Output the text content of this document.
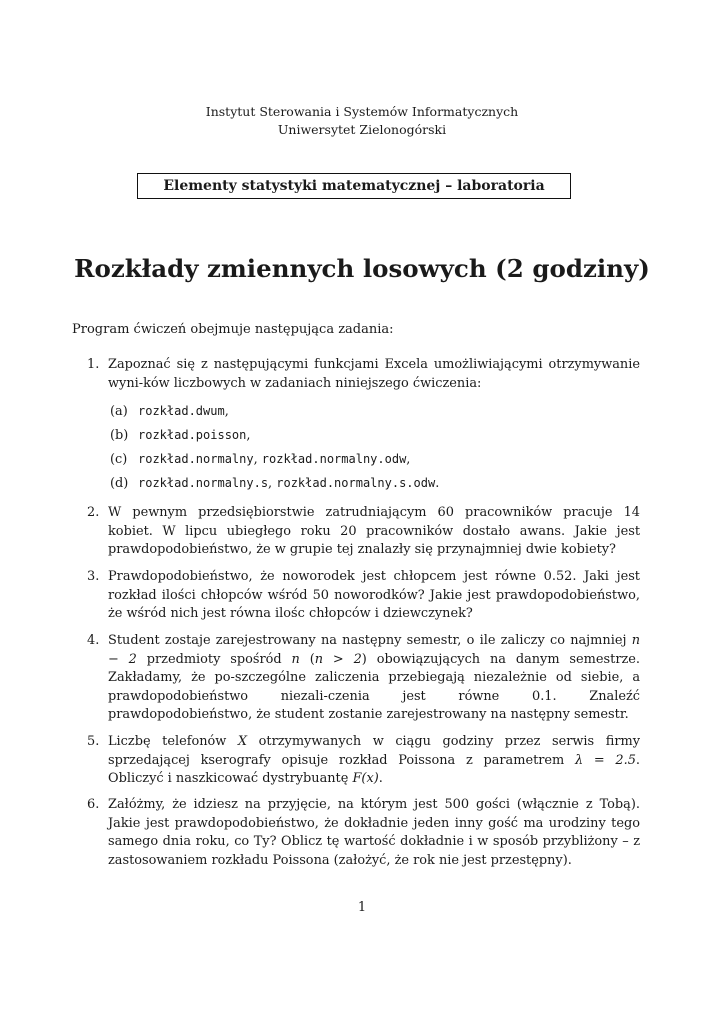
Instytut Sterowania i Systemów Informatycznych
Uniwersytet Zielonogórski
Elementy statystyki matematycznej – laboratoria
Rozkłady zmiennych losowych (2 godziny)
Program ćwiczeń obejmuje następująca zadania:
1. Zapoznać się z następującymi funkcjami Excela umożliwiającymi otrzymywanie wyni-ków liczbowych w zadaniach niniejszego ćwiczenia:

(a) rozkład.dwum,
(b) rozkład.poisson,
(c) rozkład.normalny, rozkład.normalny.odw,
(d) rozkład.normalny.s, rozkład.normalny.s.odw.
2. W pewnym przedsiębiorstwie zatrudniającym 60 pracowników pracuje 14 kobiet. W lipcu ubiegłego roku 20 pracowników dostało awans. Jakie jest prawdopodobieństwo, że w grupie tej znalazły się przynajmniej dwie kobiety?

3. Prawdopodobieństwo, że noworodek jest chłopcem jest równe 0.52. Jaki jest rozkład ilości chłopców wśród 50 noworodków? Jakie jest prawdopodobieństwo, że wśród nich jest równa ilośc chłopców i dziewczynek?

4. Student zostaje zarejestrowany na następny semestr, o ile zaliczy co najmniej n − 2 przedmioty spośród n (n > 2) obowiązujących na danym semestrze. Zakładamy, że po-szczególne zaliczenia przebiegają niezależnie od siebie, a prawdopodobieństwo niezali-czenia jest równe 0.1. Znaleźć prawdopodobieństwo, że student zostanie zarejestrowany na następny semestr.

5. Liczbę telefonów X otrzymywanych w ciągu godziny przez serwis firmy sprzedającej kserografy opisuje rozkład Poissona z parametrem λ = 2.5. Obliczyć i naszkicować dystrybuantę F(x).

6. Załóżmy, że idziesz na przyjęcie, na którym jest 500 gości (włącznie z Tobą). Jakie jest prawdopodobieństwo, że dokładnie jeden inny gość ma urodziny tego samego dnia roku, co Ty? Oblicz tę wartość dokładnie i w sposób przybliżony – z zastosowaniem rozkładu Poissona (założyć, że rok nie jest przestępny).

1
